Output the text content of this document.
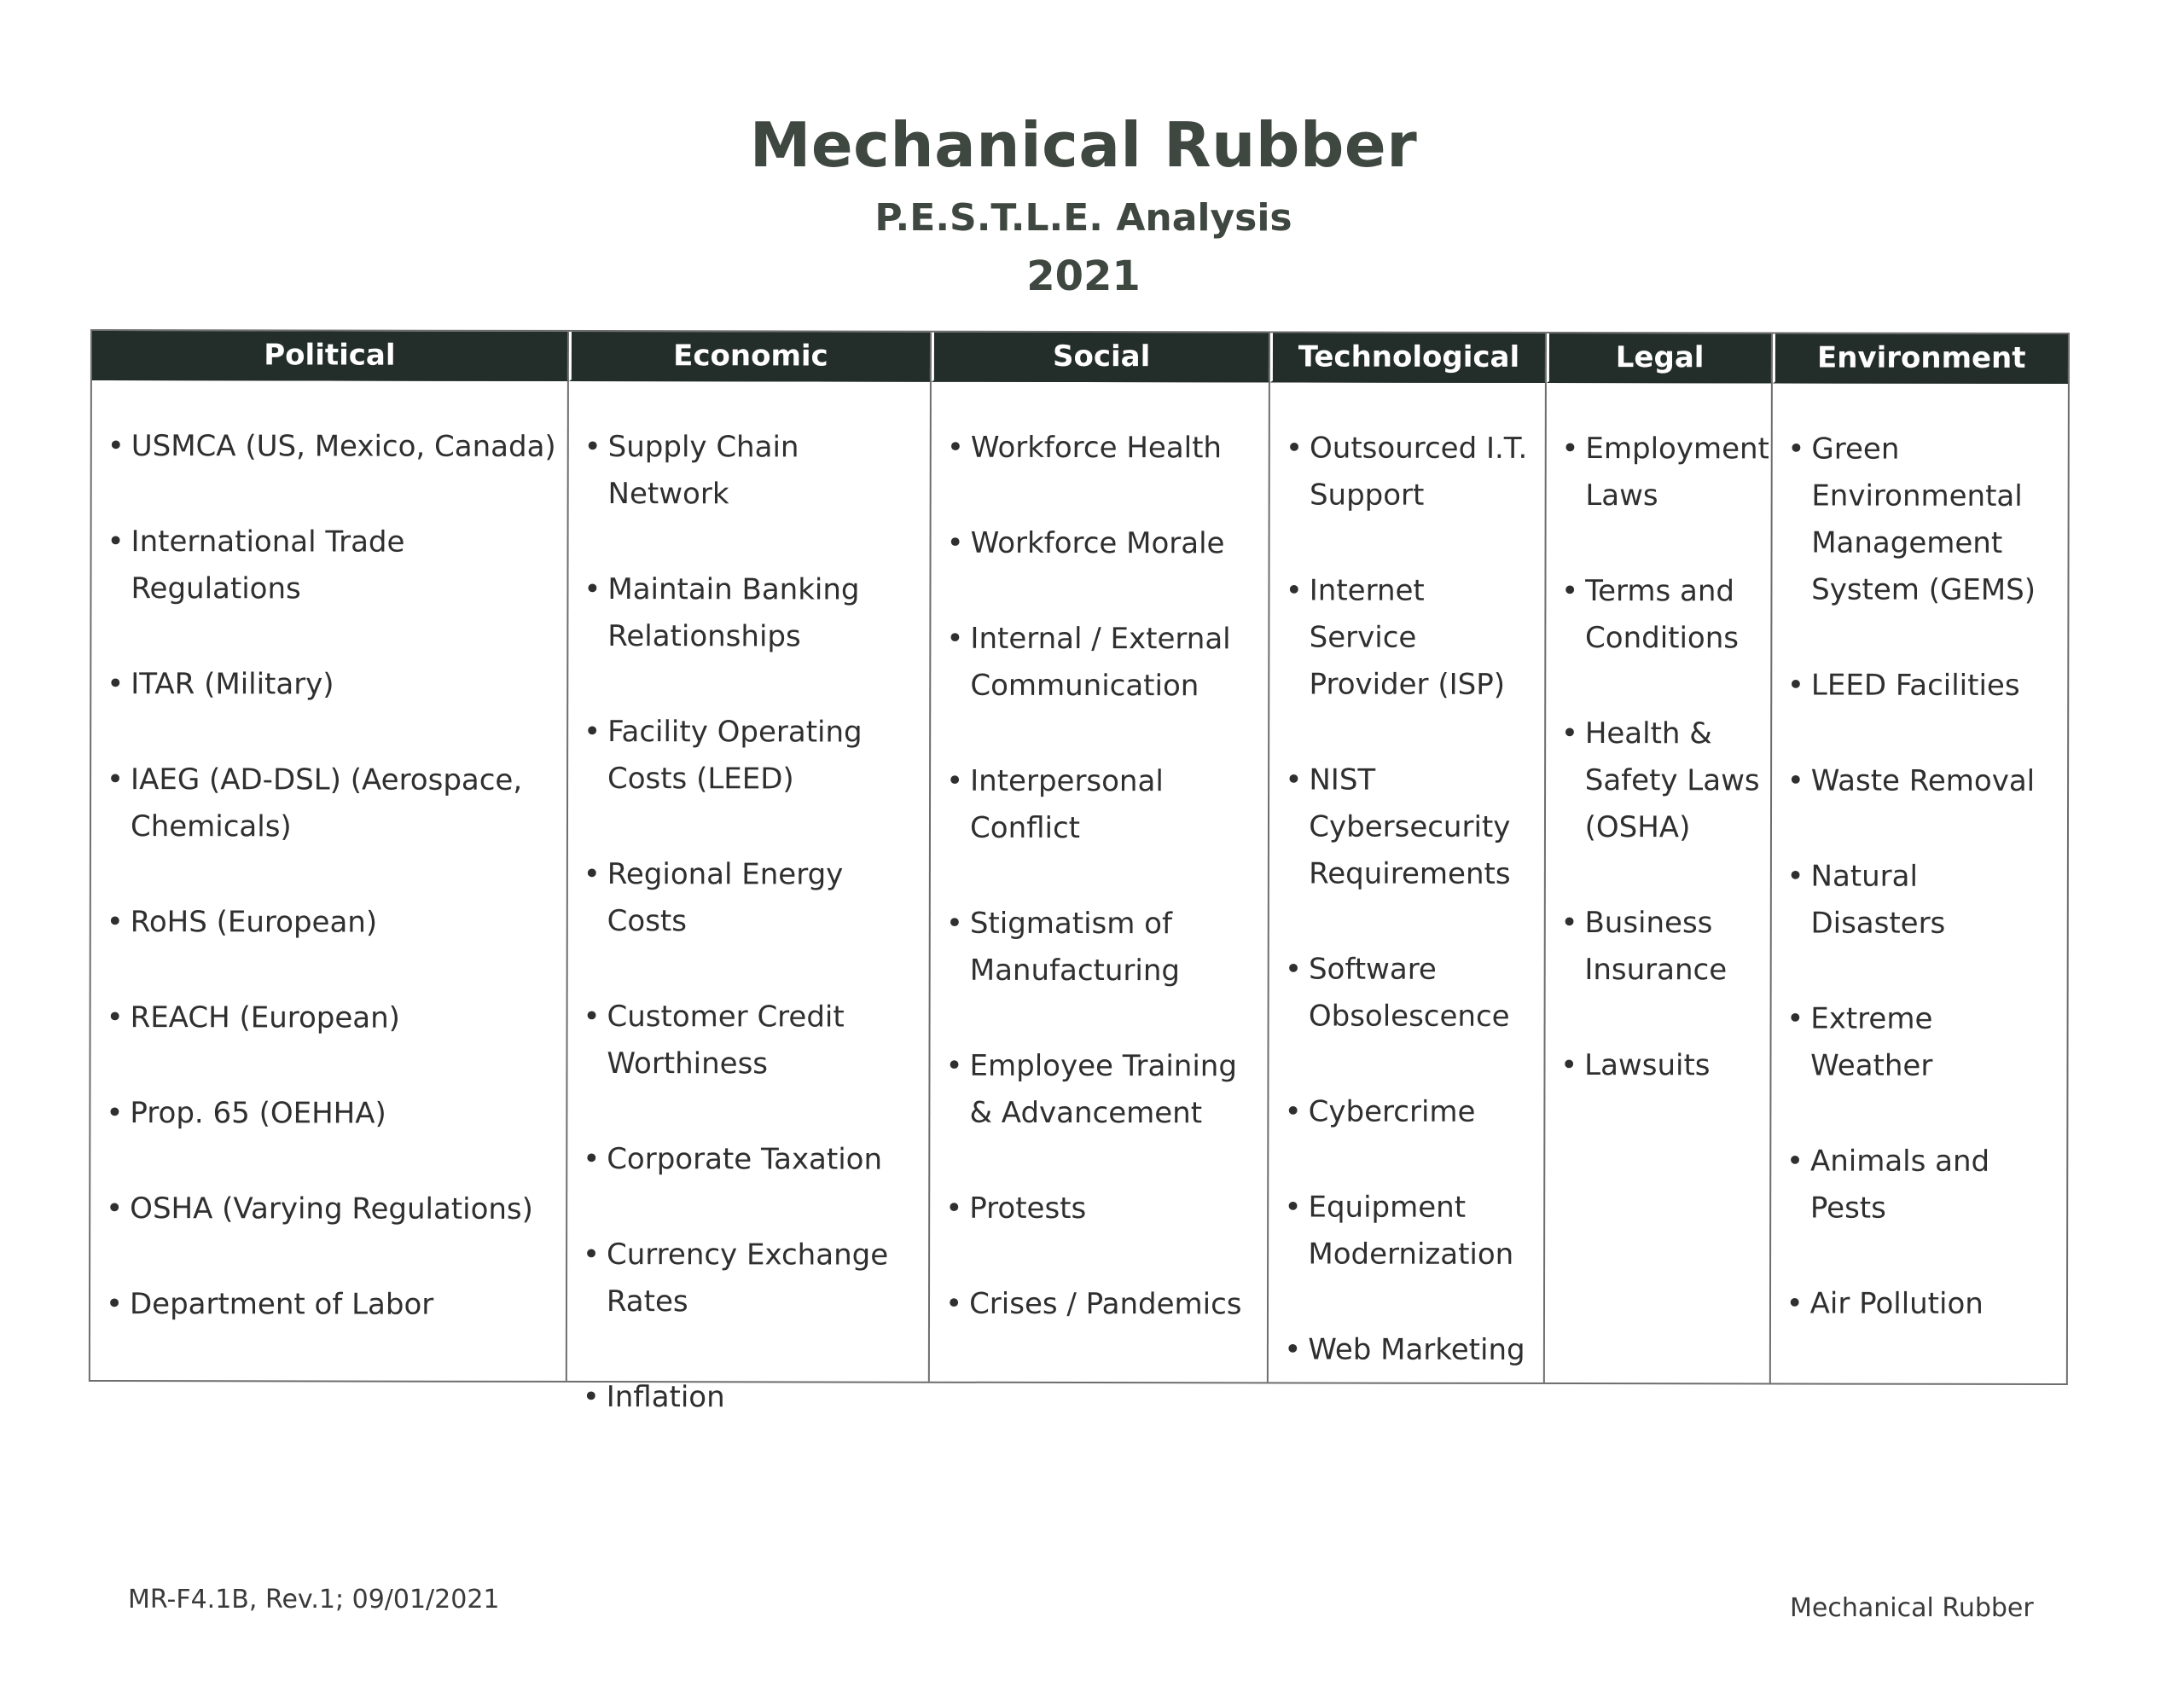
Mechanical Rubber
P.E.S.T.L.E. Analysis
2021
Political
• USMCA (US, Mexico, Canada)
• International Trade Regulations
• ITAR (Military)
• IAEG (AD-DSL) (Aerospace, Chemicals)
• RoHS (European)
• REACH (European)
• Prop. 65 (OEHHA)
• OSHA (Varying Regulations)
• Department of Labor
Economic
• Supply Chain Network
• Maintain Banking Relationships
• Facility Operating Costs (LEED)
• Regional Energy Costs
• Customer Credit Worthiness
• Corporate Taxation
• Currency Exchange Rates
• Inflation
Social
• Workforce Health
• Workforce Morale
• Internal / External Communication
• Interpersonal Conflict
• Stigmatism of Manufacturing
• Employee Training & Advancement
• Protests
• Crises / Pandemics
Technological
• Outsourced I.T. Support
• Internet Service Provider (ISP)
• NIST Cybersecurity Requirements
• Software Obsolescence
• Cybercrime
• Equipment Modernization
• Web Marketing
Legal
• Employment Laws
• Terms and Conditions
• Health & Safety Laws (OSHA)
• Business Insurance
• Lawsuits
Environment
• Green Environmental Management System (GEMS)
• LEED Facilities
• Waste Removal
• Natural Disasters
• Extreme Weather
• Animals and Pests
• Air Pollution
MR-F4.1B, Rev.1; 09/01/2021	Mechanical Rubber
